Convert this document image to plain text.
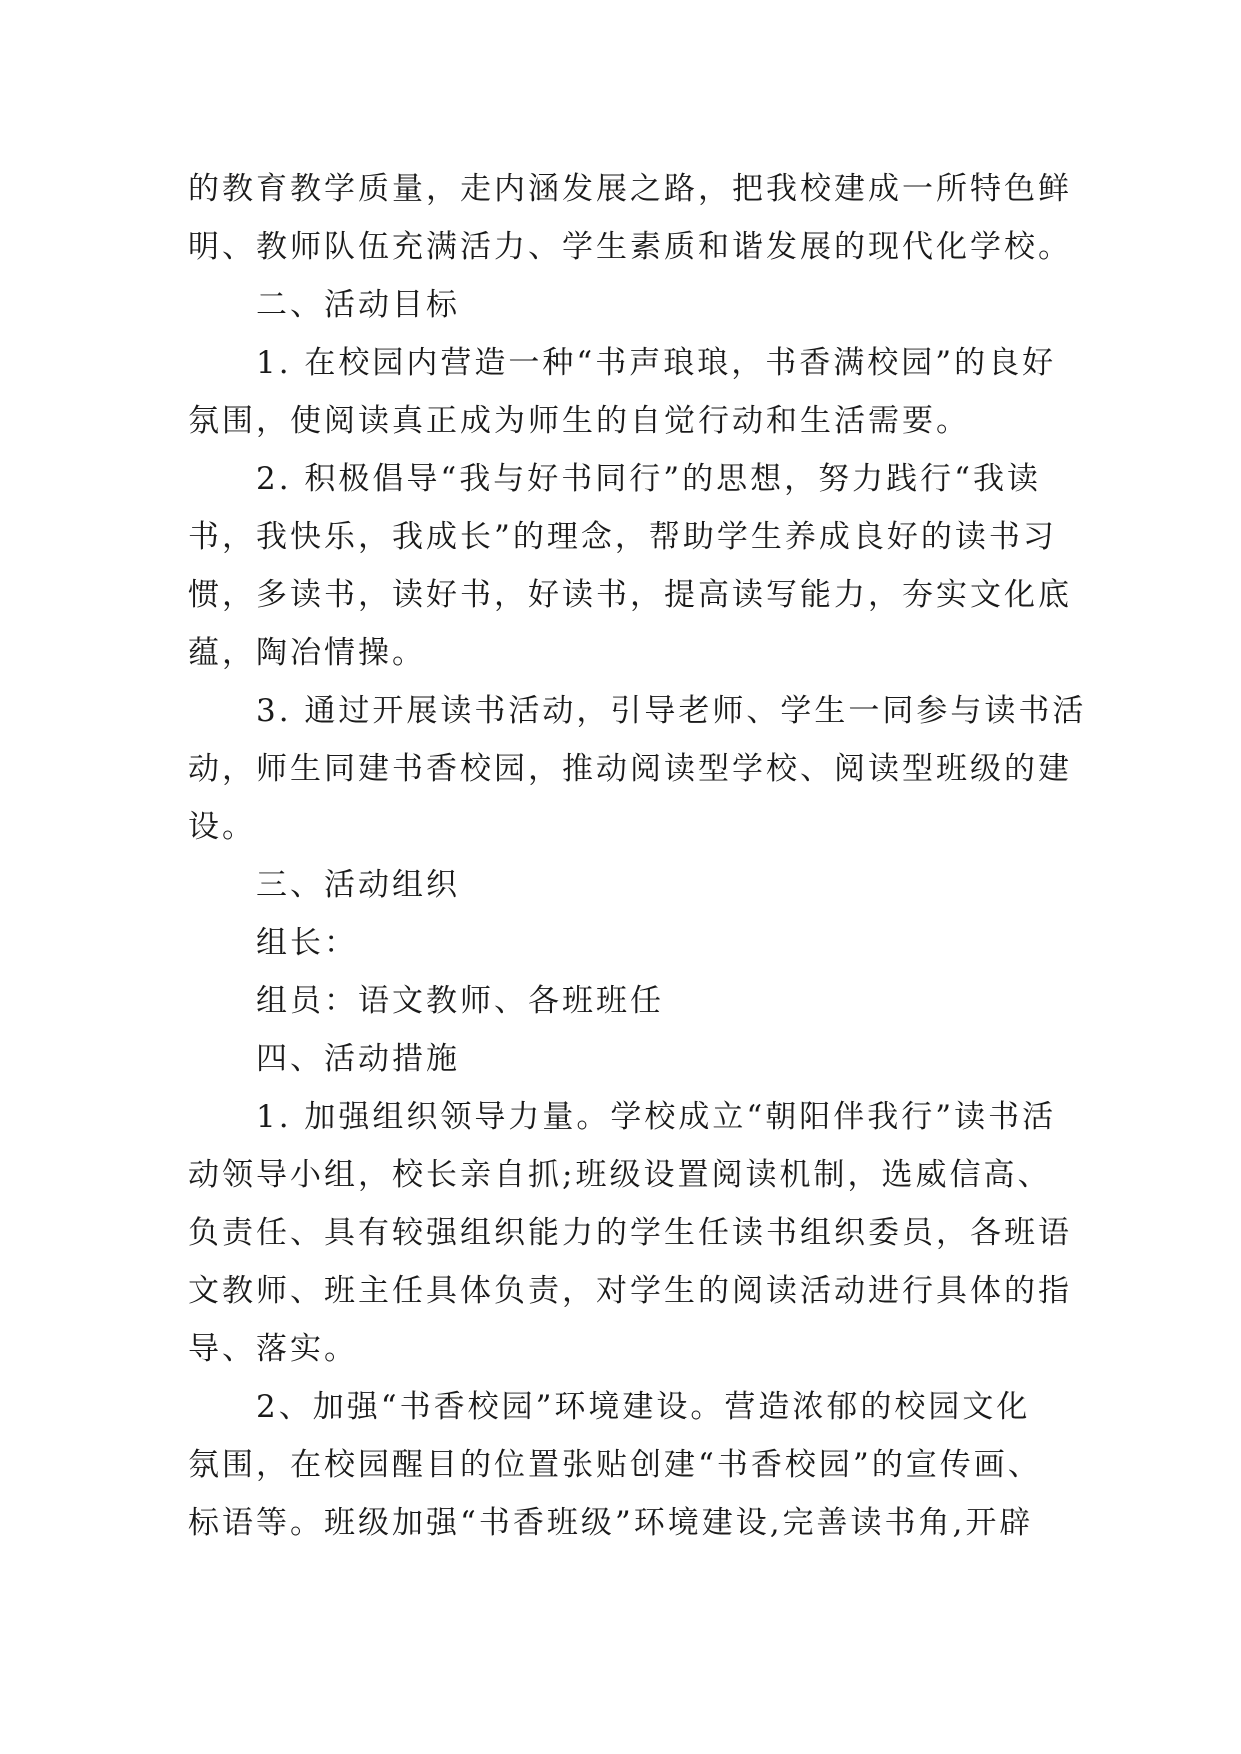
的教育教学质量，走内涵发展之路，把我校建成一所特色鲜
明、教师队伍充满活力、学生素质和谐发展的现代化学校。
二、活动目标
1. 在校园内营造一种“书声琅琅，书香满校园”的良好
氛围，使阅读真正成为师生的自觉行动和生活需要。
2. 积极倡导“我与好书同行”的思想，努力践行“我读
书，我快乐，我成长”的理念，帮助学生养成良好的读书习
惯，多读书，读好书，好读书，提高读写能力，夯实文化底
蕴，陶冶情操。
3. 通过开展读书活动，引导老师、学生一同参与读书活
动，师生同建书香校园，推动阅读型学校、阅读型班级的建
设。
三、活动组织
组长：
组员：语文教师、各班班任
四、活动措施
1. 加强组织领导力量。学校成立“朝阳伴我行”读书活
动领导小组，校长亲自抓;班级设置阅读机制，选威信高、
负责任、具有较强组织能力的学生任读书组织委员，各班语
文教师、班主任具体负责，对学生的阅读活动进行具体的指
导、落实。
2、加强“书香校园”环境建设。营造浓郁的校园文化
氛围，在校园醒目的位置张贴创建“书香校园”的宣传画、
标语等。班级加强“书香班级”环境建设,完善读书角,开辟
